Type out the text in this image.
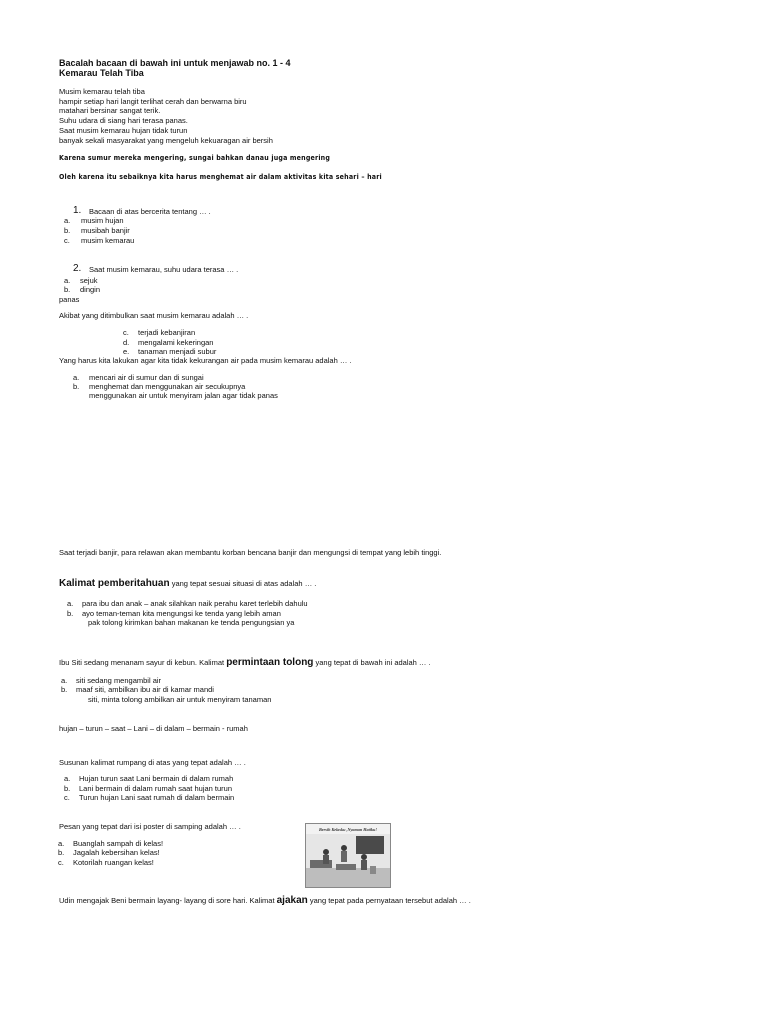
Bacalah bacaan di bawah ini untuk menjawab no. 1 - 4
Kemarau Telah Tiba
Musim kemarau telah tiba
hampir setiap hari langit terlihat cerah dan berwarna biru
matahari bersinar sangat terik.
Suhu udara di siang hari terasa panas.
Saat musim kemarau hujan tidak turun
banyak sekali masyarakat yang mengeluh kekuaragan air bersih
Karena sumur mereka mengering, sungai bahkan danau juga mengering
Oleh karena itu sebaiknya kita harus menghemat air dalam aktivitas kita sehari – hari
1. Bacaan di atas bercerita tentang … .
a. musim hujan
b. musibah banjir
c. musim kemarau
2. Saat musim kemarau, suhu udara terasa … .
a. sejuk
b. dingin
panas
Akibat yang ditimbulkan saat musim kemarau adalah … .
c. terjadi kebanjiran
d. mengalami kekeringan
e. tanaman menjadi subur
Yang harus kita lakukan agar kita tidak kekurangan air pada musim kemarau adalah … .
a. mencari air di sumur dan di sungai
b. menghemat dan menggunakan air secukupnya
menggunakan air untuk menyiram jalan agar tidak panas
Saat terjadi banjir, para relawan akan membantu korban bencana banjir dan mengungsi di tempat yang lebih tinggi.
Kalimat pemberitahuan yang tepat sesuai situasi di atas adalah … .
a. para ibu dan anak – anak silahkan naik perahu karet terlebih dahulu
b. ayo teman-teman kita mengungsi ke tenda yang lebih aman
pak tolong kirimkan bahan makanan ke tenda pengungsian ya
Ibu Siti sedang menanam sayur di kebun. Kalimat permintaan tolong yang tepat di bawah ini adalah … .
a. siti sedang mengambil air
b. maaf siti, ambilkan ibu air di kamar mandi
siti, minta tolong ambilkan air untuk menyiram tanaman
hujan – turun – saat – Lani – di dalam – bermain - rumah
Susunan kalimat rumpang di atas yang tepat adalah … .
a. Hujan turun saat Lani bermain di dalam rumah
b. Lani bermain di dalam rumah saat hujan turun
c. Turun hujan Lani saat rumah di dalam bermain
Pesan yang tepat dari isi poster di samping adalah … .
a. Buanglah sampah di kelas!
b. Jagalah kebersihan kelas!
c. Kotorilah ruangan kelas!
Bersih Kelasku ,Nyaman Hatiku!
Udin mengajak Beni bermain layang- layang di sore hari. Kalimat ajakan yang tepat pada pernyataan tersebut adalah … .
